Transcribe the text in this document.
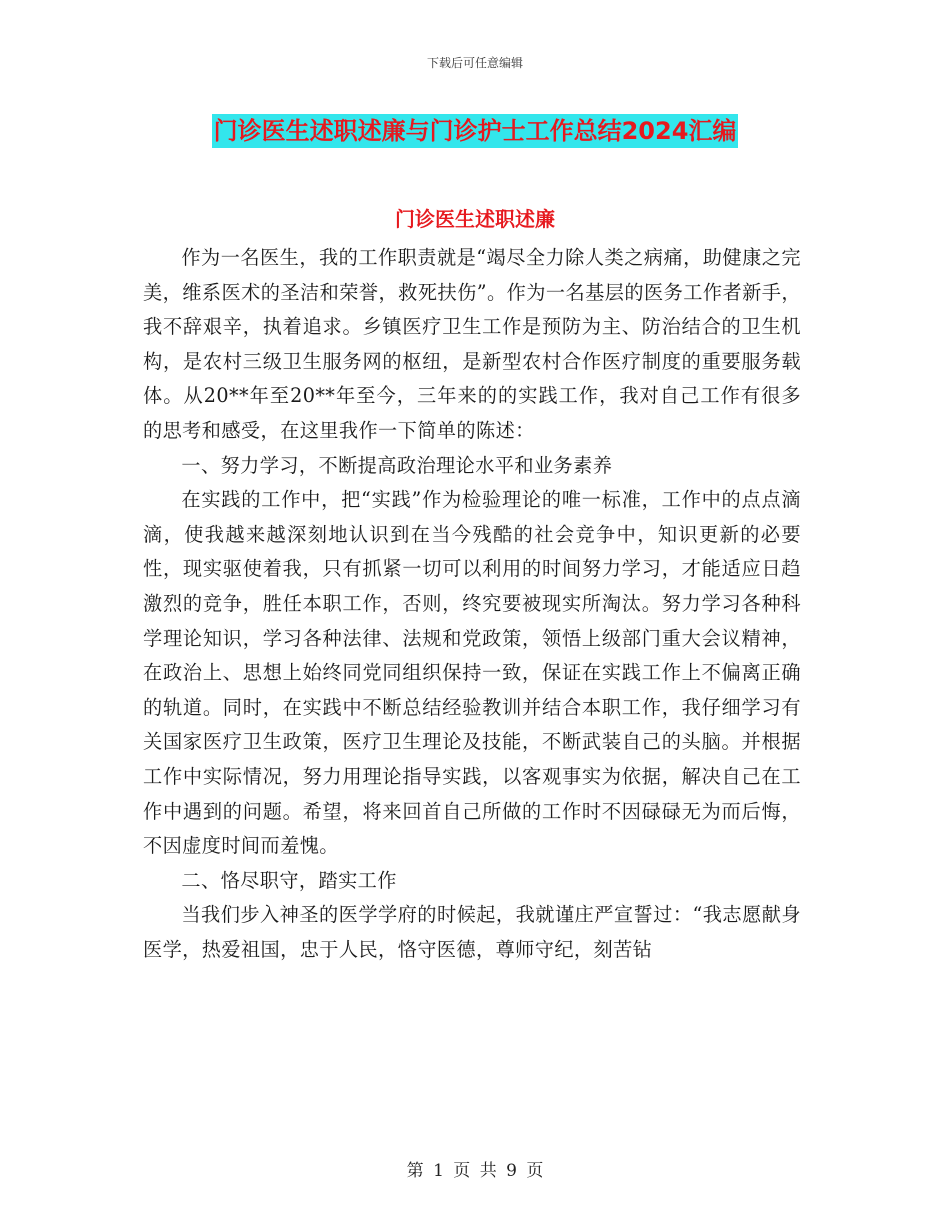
下载后可任意编辑
门诊医生述职述廉与门诊护士工作总结2024汇编
门诊医生述职述廉

作为一名医生，我的工作职责就是“竭尽全力除人类之病痛，助健康之完美，维系医术的圣洁和荣誉，救死扶伤”。作为一名基层的医务工作者新手，我不辞艰辛，执着追求。乡镇医疗卫生工作是预防为主、防治结合的卫生机构，是农村三级卫生服务网的枢纽，是新型农村合作医疗制度的重要服务载体。从20**年至20**年至今，三年来的的实践工作，我对自己工作有很多的思考和感受，在这里我作一下简单的陈述：

一、努力学习，不断提高政治理论水平和业务素养

在实践的工作中，把“实践”作为检验理论的唯一标准，工作中的点点滴滴，使我越来越深刻地认识到在当今残酷的社会竞争中，知识更新的必要性，现实驱使着我，只有抓紧一切可以利用的时间努力学习，才能适应日趋激烈的竞争，胜任本职工作，否则，终究要被现实所淘汰。努力学习各种科学理论知识，学习各种法律、法规和党政策，领悟上级部门重大会议精神，在政治上、思想上始终同党同组织保持一致，保证在实践工作上不偏离正确的轨道。同时，在实践中不断总结经验教训并结合本职工作，我仔细学习有关国家医疗卫生政策，医疗卫生理论及技能，不断武装自己的头脑。并根据工作中实际情况，努力用理论指导实践，以客观事实为依据，解决自己在工作中遇到的问题。希望，将来回首自己所做的工作时不因碌碌无为而后悔，不因虚度时间而羞愧。

二、恪尽职守，踏实工作

当我们步入神圣的医学学府的时候起，我就谨庄严宣誓过：“我志愿献身医学，热爱祖国，忠于人民，恪守医德，尊师守纪，刻苦钻

第 1 页 共 9 页
